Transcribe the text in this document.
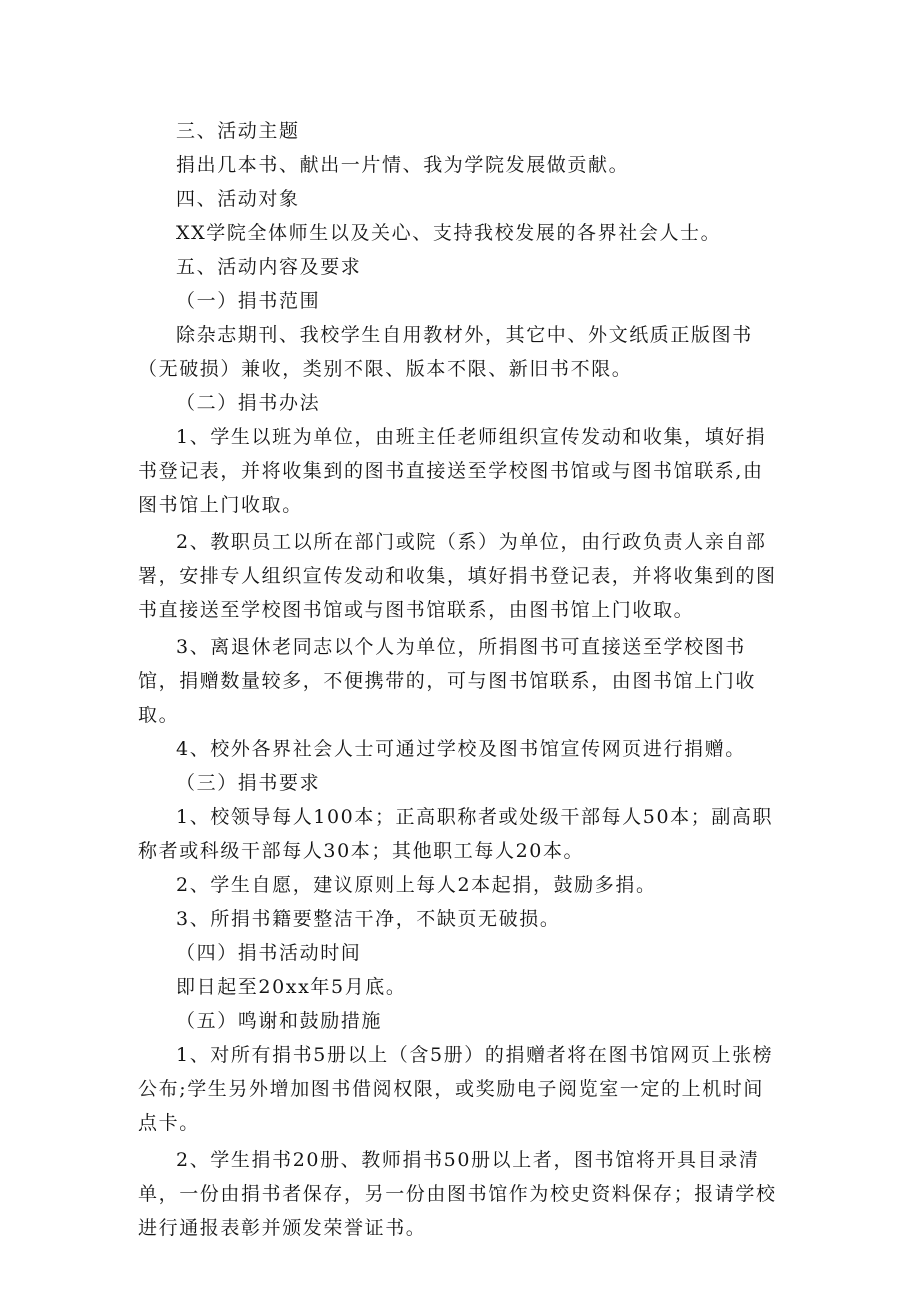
三、活动主题

捐出几本书、献出一片情、我为学院发展做贡献。

四、活动对象

XX学院全体师生以及关心、支持我校发展的各界社会人士。

五、活动内容及要求

（一）捐书范围

除杂志期刊、我校学生自用教材外，其它中、外文纸质正版图书（无破损）兼收，类别不限、版本不限、新旧书不限。

（二）捐书办法

1、学生以班为单位，由班主任老师组织宣传发动和收集，填好捐书登记表，并将收集到的图书直接送至学校图书馆或与图书馆联系,由图书馆上门收取。

2、教职员工以所在部门或院（系）为单位，由行政负责人亲自部署，安排专人组织宣传发动和收集，填好捐书登记表，并将收集到的图书直接送至学校图书馆或与图书馆联系，由图书馆上门收取。

3、离退休老同志以个人为单位，所捐图书可直接送至学校图书馆，捐赠数量较多，不便携带的，可与图书馆联系，由图书馆上门收取。

4、校外各界社会人士可通过学校及图书馆宣传网页进行捐赠。

（三）捐书要求

1、校领导每人100本；正高职称者或处级干部每人50本；副高职称者或科级干部每人30本；其他职工每人20本。

2、学生自愿，建议原则上每人2本起捐，鼓励多捐。

3、所捐书籍要整洁干净，不缺页无破损。

（四）捐书活动时间

即日起至20xx年5月底。

（五）鸣谢和鼓励措施

1、对所有捐书5册以上（含5册）的捐赠者将在图书馆网页上张榜公布;学生另外增加图书借阅权限，或奖励电子阅览室一定的上机时间点卡。

2、学生捐书20册、教师捐书50册以上者，图书馆将开具目录清单，一份由捐书者保存，另一份由图书馆作为校史资料保存；报请学校进行通报表彰并颁发荣誉证书。
